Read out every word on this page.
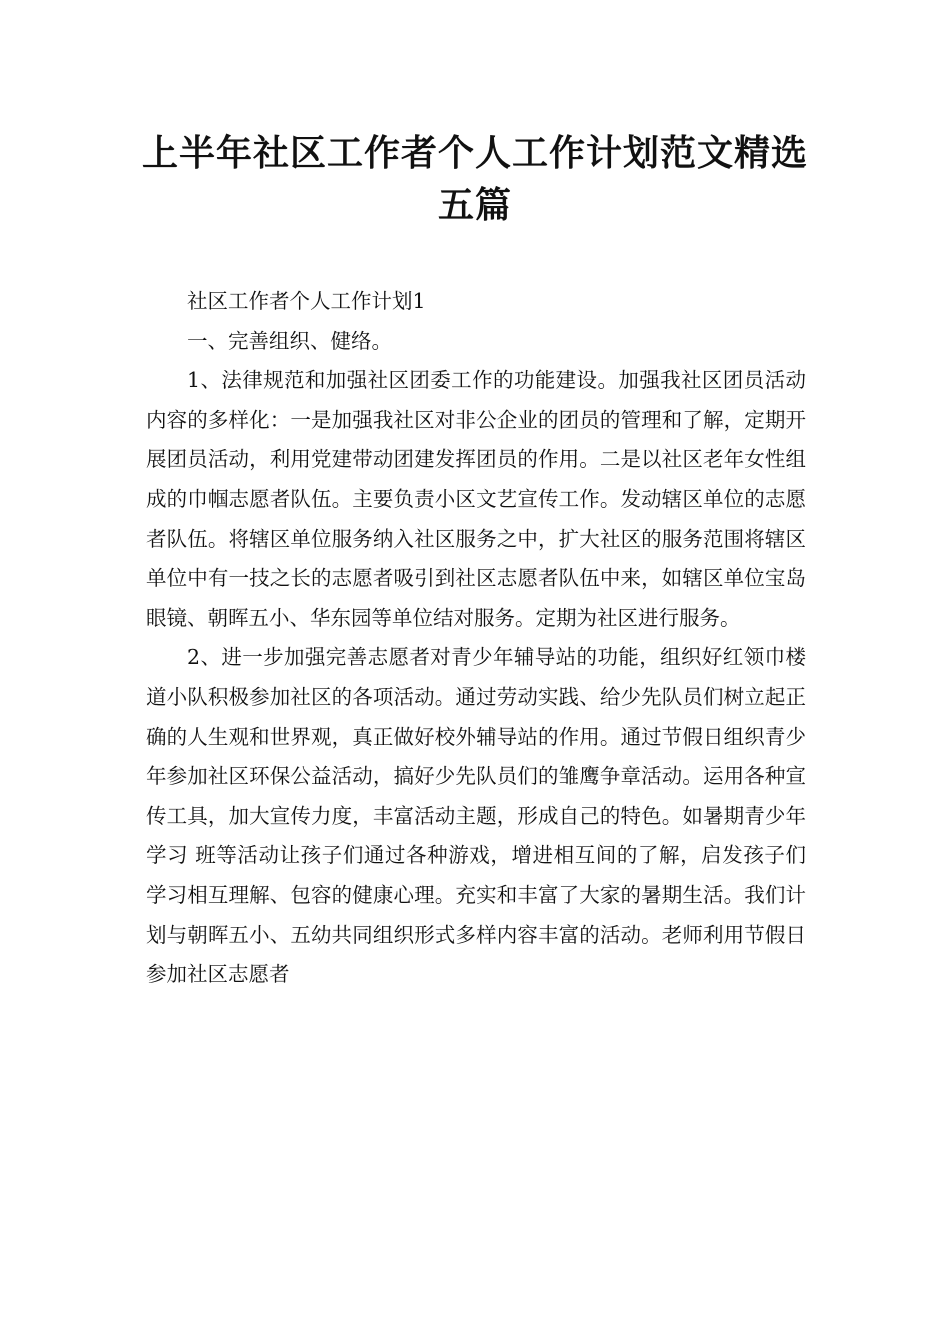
上半年社区工作者个人工作计划范文精选五篇

社区工作者个人工作计划1

一、完善组织、健络。

1、法律规范和加强社区团委工作的功能建设。加强我社区团员活动内容的多样化：一是加强我社区对非公企业的团员的管理和了解，定期开展团员活动，利用党建带动团建发挥团员的作用。二是以社区老年女性组成的巾帼志愿者队伍。主要负责小区文艺宣传工作。发动辖区单位的志愿者队伍。将辖区单位服务纳入社区服务之中，扩大社区的服务范围将辖区单位中有一技之长的志愿者吸引到社区志愿者队伍中来，如辖区单位宝岛眼镜、朝晖五小、华东园等单位结对服务。定期为社区进行服务。

2、进一步加强完善志愿者对青少年辅导站的功能，组织好红领巾楼道小队积极参加社区的各项活动。通过劳动实践、给少先队员们树立起正确的人生观和世界观，真正做好校外辅导站的作用。通过节假日组织青少年参加社区环保公益活动，搞好少先队员们的雏鹰争章活动。运用各种宣传工具，加大宣传力度，丰富活动主题，形成自己的特色。如暑期青少年学习 班等活动让孩子们通过各种游戏，增进相互间的了解，启发孩子们学习相互理解、包容的健康心理。充实和丰富了大家的暑期生活。我们计划与朝晖五小、五幼共同组织形式多样内容丰富的活动。老师利用节假日参加社区志愿者
